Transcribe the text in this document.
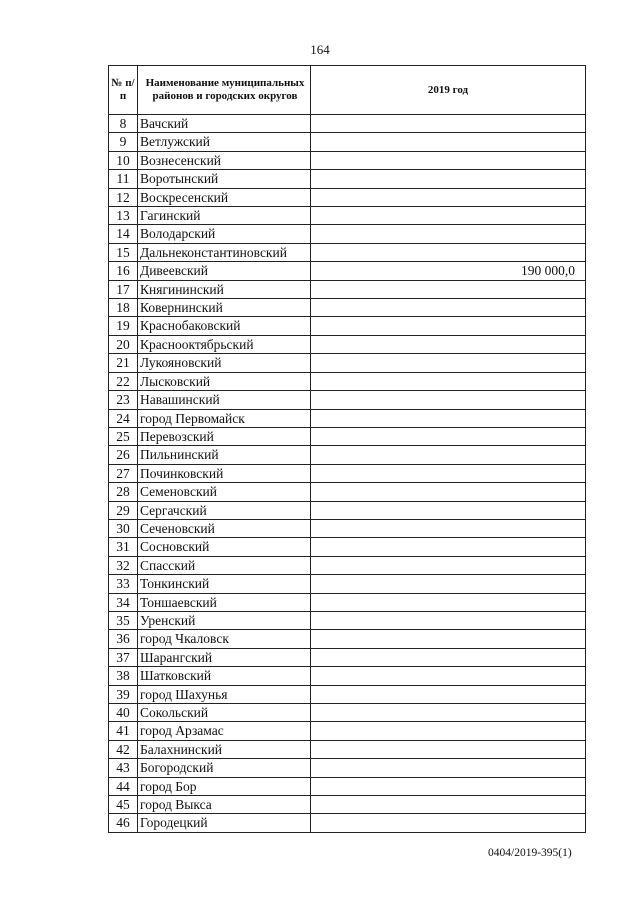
164
№ п/п	Наименование муниципальных районов и городских округов	2019 год
8	Вачский	
9	Ветлужский	
10	Вознесенский	
11	Воротынский	
12	Воскресенский	
13	Гагинский	
14	Володарский	
15	Дальнеконстантиновский	
16	Дивеевский	190 000,0
17	Княгининский	
18	Ковернинский	
19	Краснобаковский	
20	Краснооктябрьский	
21	Лукояновский	
22	Лысковский	
23	Навашинский	
24	город Первомайск	
25	Перевозский	
26	Пильнинский	
27	Починковский	
28	Семеновский	
29	Сергачский	
30	Сеченовский	
31	Сосновский	
32	Спасский	
33	Тонкинский	
34	Тоншаевский	
35	Уренский	
36	город Чкаловск	
37	Шарангский	
38	Шатковский	
39	город Шахунья	
40	Сокольский	
41	город Арзамас	
42	Балахнинский	
43	Богородский	
44	город Бор	
45	город Выкса	
46	Городецкий	
0404/2019-395(1)
